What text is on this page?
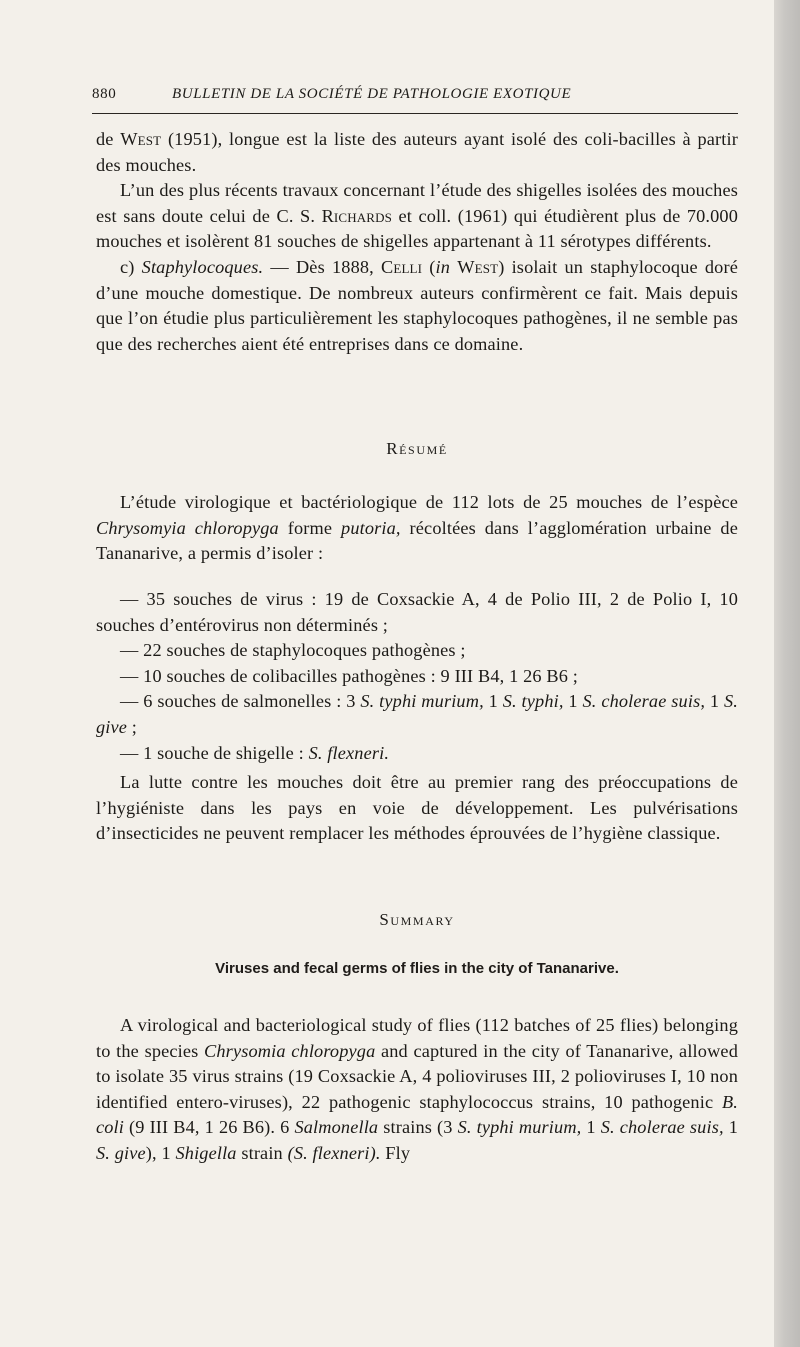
880	BULLETIN DE LA SOCIÉTÉ DE PATHOLOGIE EXOTIQUE

de West (1951), longue est la liste des auteurs ayant isolé des coli-bacilles à partir des mouches.

L’un des plus récents travaux concernant l’étude des shigelles isolées des mouches est sans doute celui de C. S. Richards et coll. (1961) qui étudièrent plus de 70.000 mouches et isolèrent 81 souches de shigelles appartenant à 11 sérotypes différents.

c) Staphylocoques. — Dès 1888, Celli (in West) isolait un staphylocoque doré d’une mouche domestique. De nombreux auteurs confirmèrent ce fait. Mais depuis que l’on étudie plus particulièrement les staphylocoques pathogènes, il ne semble pas que des recherches aient été entreprises dans ce domaine.

Résumé

L’étude virologique et bactériologique de 112 lots de 25 mouches de l’espèce Chrysomyia chloropyga forme putoria, récoltées dans l’agglomération urbaine de Tananarive, a permis d’isoler :

— 35 souches de virus : 19 de Coxsackie A, 4 de Polio III, 2 de Polio I, 10 souches d’entérovirus non déterminés ;

— 22 souches de staphylocoques pathogènes ;

— 10 souches de colibacilles pathogènes : 9 III B4, 1 26 B6 ;

— 6 souches de salmonelles : 3 S. typhi murium, 1 S. typhi, 1 S. cholerae suis, 1 S. give ;

— 1 souche de shigelle : S. flexneri.

La lutte contre les mouches doit être au premier rang des préoccupations de l’hygiéniste dans les pays en voie de développement. Les pulvérisations d’insecticides ne peuvent remplacer les méthodes éprouvées de l’hygiène classique.

Summary
Viruses and fecal germs of flies in the city of Tananarive.

A virological and bacteriological study of flies (112 batches of 25 flies) belonging to the species Chrysomia chloropyga and captured in the city of Tananarive, allowed to isolate 35 virus strains (19 Coxsackie A, 4 polioviruses III, 2 polioviruses I, 10 non identified entero-viruses), 22 pathogenic staphylococcus strains, 10 pathogenic B. coli (9 III B4, 1 26 B6). 6 Salmonella strains (3 S. typhi murium, 1 S. cholerae suis, 1 S. give), 1 Shigella strain (S. flexneri). Fly
